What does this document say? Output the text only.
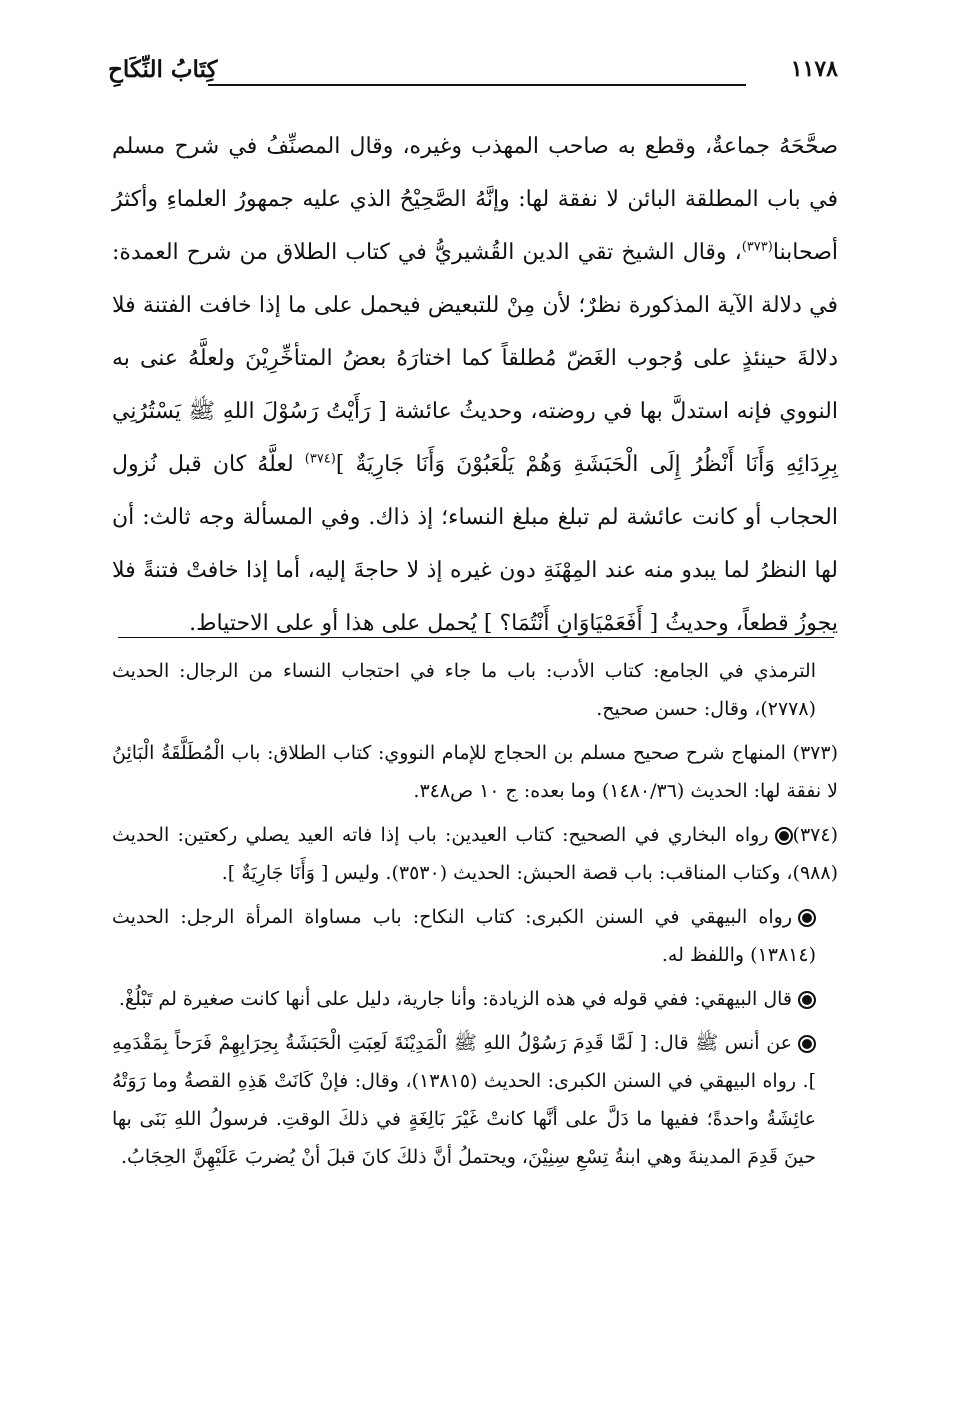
١١٧٨
كِتَابُ النِّكَاحِ

صحَّحَهُ جماعةٌ، وقطع به صاحب المهذب وغيره، وقال المصنِّفُ في شرح مسلم في باب المطلقة البائن لا نفقة لها: وإنَّهُ الصَّحِيْحُ الذي عليه جمهورُ العلماءِ وأكثرُ أصحابنا$^{(٣٧٣)}$، وقال الشيخ تقي الدين القُشيريُّ في كتاب الطلاق من شرح العمدة: في دلالة الآية المذكورة نظرٌ؛ لأن مِنْ للتبعيض فيحمل على ما إذا خافت الفتنة فلا دلالةَ حينئذٍ على وُجوب الغَضّ مُطلقاً كما اختارَهُ بعضُ المتأخِّرِيْنَ ولعلَّهُ عنى به النووي فإنه استدلَّ بها في روضته، وحديثُ عائشة [ رَأَيْتُ رَسُوْلَ اللهِ ﷺ يَسْتُرُنِي بِرِدَائِهِ وَأَنَا أَنْظُرُ إِلَى الْحَبَشَةِ وَهُمْ يَلْعَبُوْنَ وَأَنَا جَارِيَةٌ ]$^{(٣٧٤)}$ لعلَّهُ كان قبل نُزول الحجاب أو كانت عائشة لم تبلغ مبلغ النساء؛ إذ ذاك. وفي المسألة وجه ثالث: أن لها النظرُ لما يبدو منه عند المِهْنَةِ دون غيره إذ لا حاجةَ إليه، أما إذا خافتْ فتنةً فلا يجوزُ قطعاً، وحديثُ [ أَفَعَمْيَاوَانِ أَنْتُمَا؟ ] يُحمل على هذا أو على الاحتياط.

الترمذي في الجامع: كتاب الأدب: باب ما جاء في احتجاب النساء من الرجال: الحديث (٢٧٧٨)، وقال: حسن صحيح.

(٣٧٣) المنهاج شرح صحيح مسلم بن الحجاج للإمام النووي: كتاب الطلاق: باب الْمُطَلَّقَةُ الْبَائِنُ لا نفقة لها: الحديث (١٤٨٠/٣٦) وما بعده: ج ١٠ ص٣٤٨.

(٣٧٤)رواه البخاري في الصحيح: كتاب العيدين: باب إذا فاته العيد يصلي ركعتين: الحديث (٩٨٨)، وكتاب المناقب: باب قصة الحبش: الحديث (٣٥٣٠). وليس [ وَأَنَا جَارِيَةٌ ].

رواه البيهقي في السنن الكبرى: كتاب النكاح: باب مساواة المرأة الرجل: الحديث (١٣٨١٤) واللفظ له.

قال البيهقي: ففي قوله في هذه الزيادة: وأنا جارية، دليل على أنها كانت صغيرة لم تَبْلُغْ.

عن أنس ﷺ قال: [ لَمَّا قَدِمَ رَسُوْلُ اللهِ ﷺ الْمَدِيْنَةَ لَعِبَتِ الْحَبَشَةُ بِحِرَابِهِمْ فَرَحاً بِمَقْدَمِهِ ]. رواه البيهقي في السنن الكبرى: الحديث (١٣٨١٥)، وقال: فإنْ كَانَتْ هَذِهِ القصةُ وما رَوَتْهُ عائِشَةُ واحدةً؛ ففيها ما دَلَّ على أنَّها كانتْ غَيْرَ بَالِغَةٍ في ذلكَ الوقتِ. فرسولُ اللهِ بَنَى بها حينَ قَدِمَ المدينةَ وهي ابنةُ تِسْعِ سِنِيْنَ، ويحتملُ أنَّ ذلكَ كانَ قبلَ أنْ يُضربَ عَلَيْهِنَّ الحِجَابُ.
